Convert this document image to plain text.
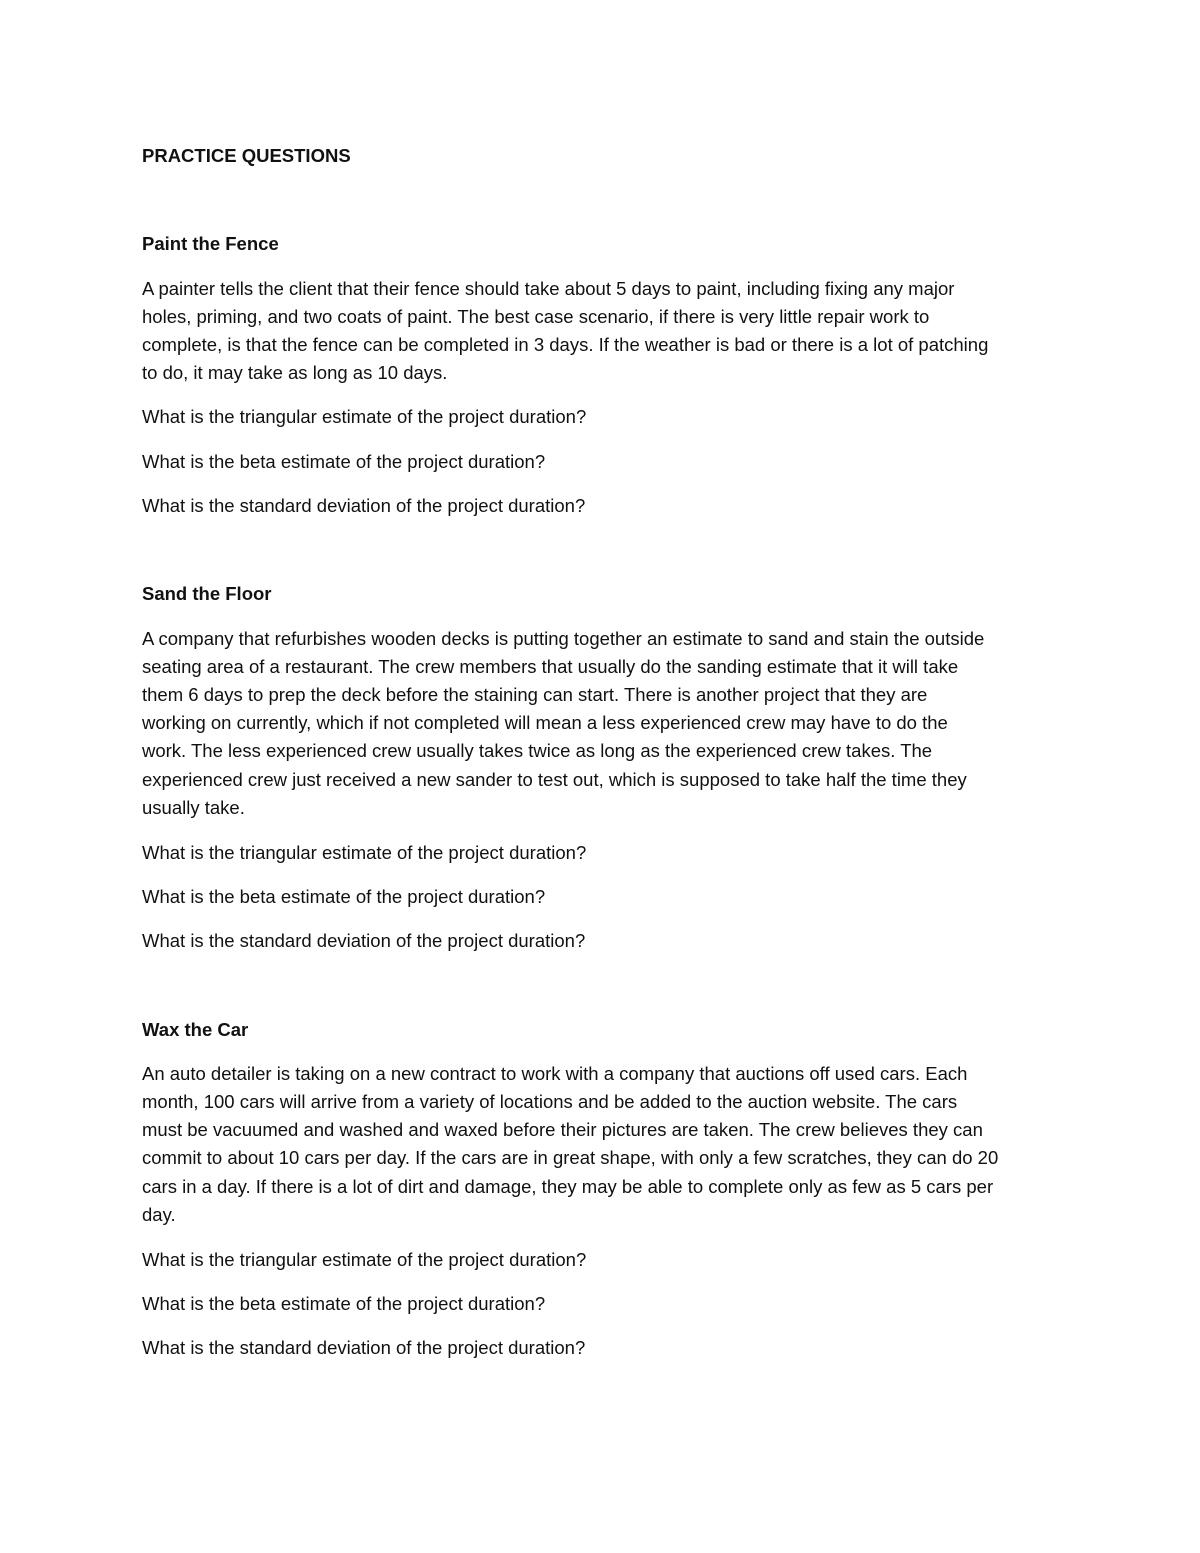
PRACTICE QUESTIONS

Paint the Fence

A painter tells the client that their fence should take about 5 days to paint, including fixing any major

holes, priming, and two coats of paint. The best case scenario, if there is very little repair work to

complete, is that the fence can be completed in 3 days. If the weather is bad or there is a lot of patching

to do, it may take as long as 10 days.

What is the triangular estimate of the project duration?

What is the beta estimate of the project duration?

What is the standard deviation of the project duration?

Sand the Floor

A company that refurbishes wooden decks is putting together an estimate to sand and stain the outside

seating area of a restaurant. The crew members that usually do the sanding estimate that it will take

them 6 days to prep the deck before the staining can start. There is another project that they are

working on currently, which if not completed will mean a less experienced crew may have to do the

work. The less experienced crew usually takes twice as long as the experienced crew takes. The

experienced crew just received a new sander to test out, which is supposed to take half the time they

usually take.

What is the triangular estimate of the project duration?

What is the beta estimate of the project duration?

What is the standard deviation of the project duration?

Wax the Car

An auto detailer is taking on a new contract to work with a company that auctions off used cars. Each

month, 100 cars will arrive from a variety of locations and be added to the auction website. The cars

must be vacuumed and washed and waxed before their pictures are taken. The crew believes they can

commit to about 10 cars per day. If the cars are in great shape, with only a few scratches, they can do 20

cars in a day. If there is a lot of dirt and damage, they may be able to complete only as few as 5 cars per

day.

What is the triangular estimate of the project duration?

What is the beta estimate of the project duration?

What is the standard deviation of the project duration?
